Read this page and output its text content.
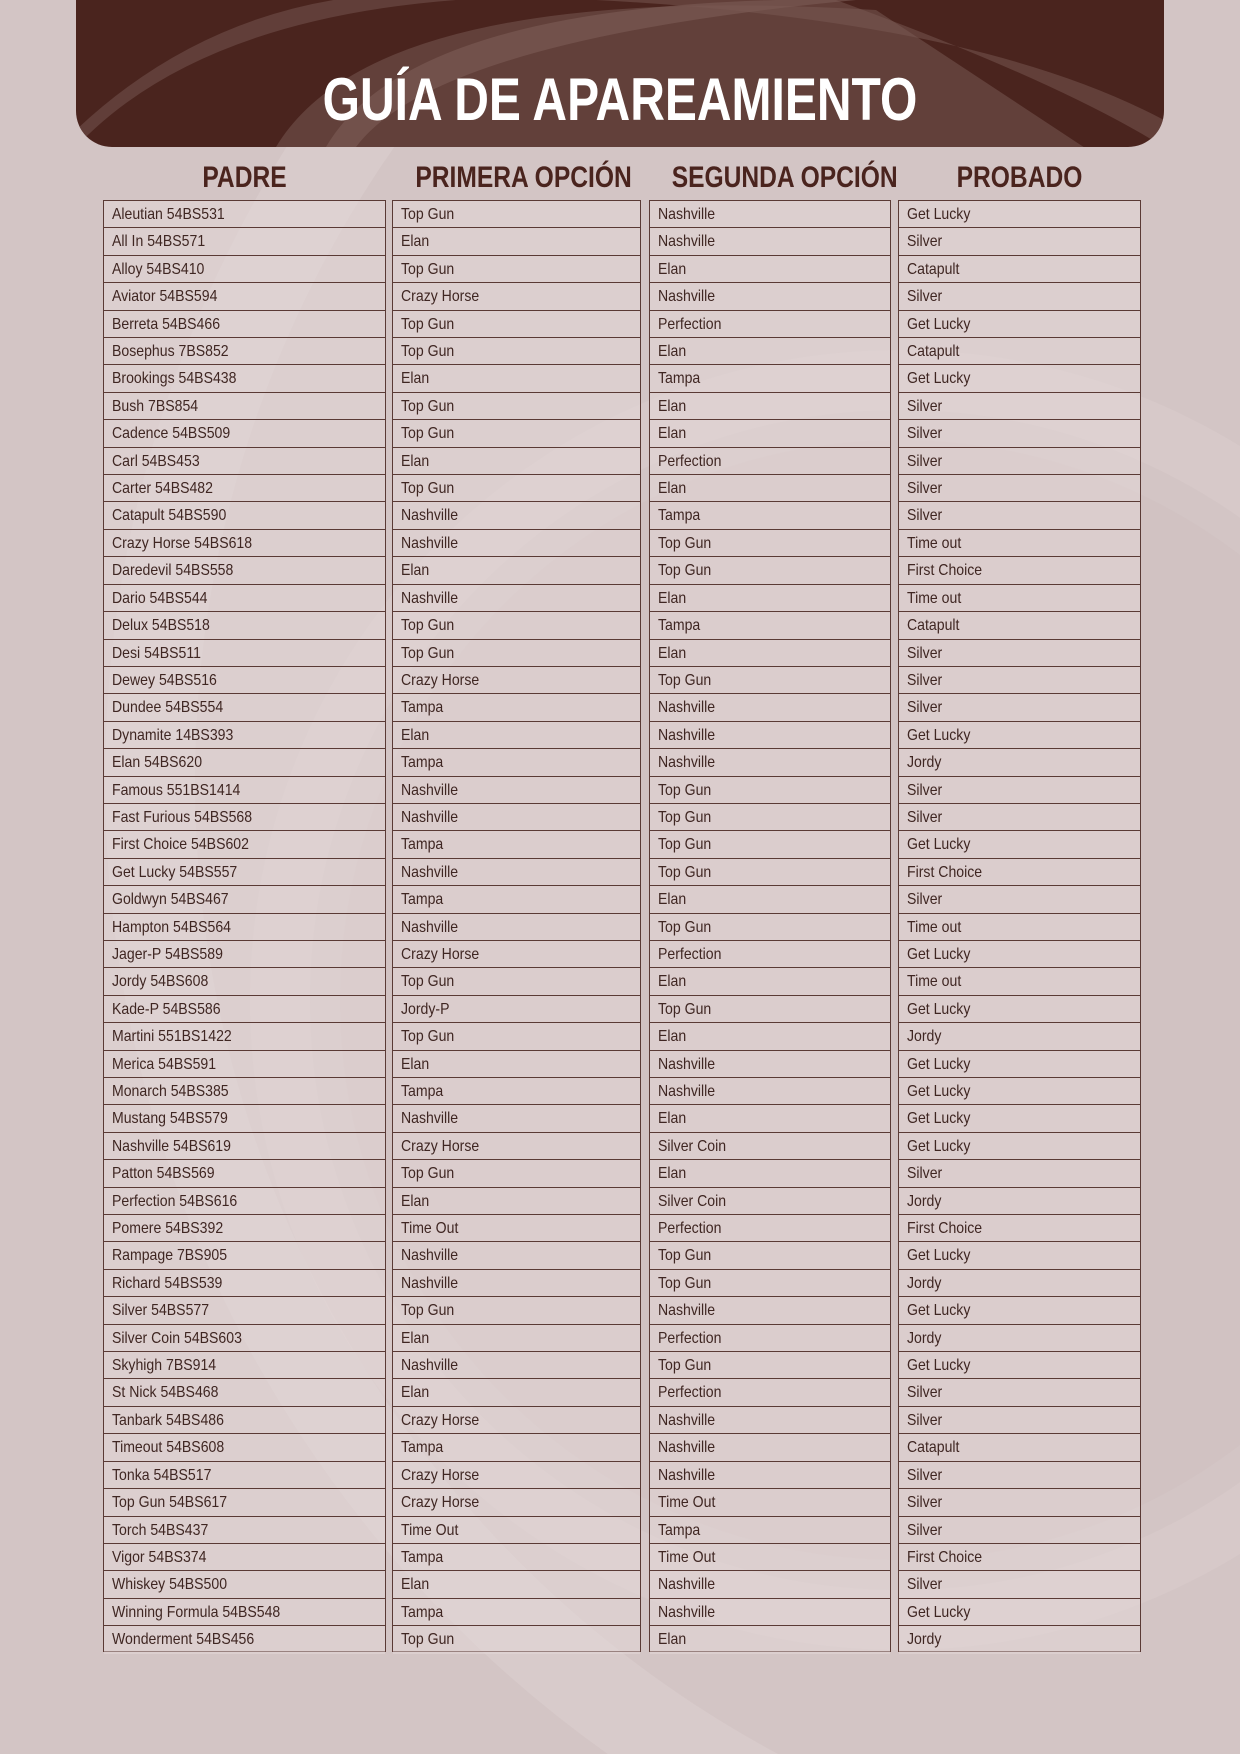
GUÍA DE APAREAMIENTO
PADRE	PRIMERA OPCIÓN SEGUNDA OPCIÓN	PROBADO
Aleutian 54BS531
All In 54BS571
Alloy 54BS410
Aviator 54BS594
Berreta 54BS466
Bosephus 7BS852
Brookings 54BS438
Bush 7BS854
Cadence 54BS509
Carl 54BS453
Carter 54BS482
Catapult 54BS590
Crazy Horse 54BS618
Daredevil 54BS558
Dario 54BS544
Delux 54BS518
Desi 54BS511
Dewey 54BS516
Dundee 54BS554
Dynamite 14BS393
Elan 54BS620
Famous 551BS1414
Fast Furious 54BS568
First Choice 54BS602
Get Lucky 54BS557
Goldwyn 54BS467
Hampton 54BS564
Jager-P 54BS589
Jordy 54BS608
Kade-P 54BS586
Martini 551BS1422
Merica 54BS591
Monarch 54BS385
Mustang 54BS579
Nashville 54BS619
Patton 54BS569
Perfection 54BS616
Pomere 54BS392
Rampage 7BS905
Richard 54BS539
Silver 54BS577
Silver Coin 54BS603
Skyhigh 7BS914
St Nick 54BS468
Tanbark 54BS486
Timeout 54BS608
Tonka 54BS517
Top Gun 54BS617
Torch 54BS437
Vigor 54BS374
Whiskey 54BS500
Winning Formula 54BS548
Wonderment 54BS456
Top Gun
Elan
Top Gun
Crazy Horse
Top Gun
Top Gun
Elan
Top Gun
Top Gun
Elan
Top Gun
Nashville
Nashville
Elan
Nashville
Top Gun
Top Gun
Crazy Horse
Tampa
Elan
Tampa
Nashville
Nashville
Tampa
Nashville
Tampa
Nashville
Crazy Horse
Top Gun
Jordy-P
Top Gun
Elan
Tampa
Nashville
Crazy Horse
Top Gun
Elan
Time Out
Nashville
Nashville
Top Gun
Elan
Nashville
Elan
Crazy Horse
Tampa
Crazy Horse
Crazy Horse
Time Out
Tampa
Elan
Tampa
Top Gun
Nashville
Nashville
Elan
Nashville
Perfection
Elan
Tampa
Elan
Elan
Perfection
Elan
Tampa
Top Gun
Top Gun
Elan
Tampa
Elan
Top Gun
Nashville
Nashville
Nashville
Top Gun
Top Gun
Top Gun
Top Gun
Elan
Top Gun
Perfection
Elan
Top Gun
Elan
Nashville
Nashville
Elan
Silver Coin
Elan
Silver Coin
Perfection
Top Gun
Top Gun
Nashville
Perfection
Top Gun
Perfection
Nashville
Nashville
Nashville
Time Out
Tampa
Time Out
Nashville
Nashville
Elan
Get Lucky
Silver
Catapult
Silver
Get Lucky
Catapult
Get Lucky
Silver
Silver
Silver
Silver
Silver
Time out
First Choice
Time out
Catapult
Silver
Silver
Silver
Get Lucky
Jordy
Silver
Silver
Get Lucky
First Choice
Silver
Time out
Get Lucky
Time out
Get Lucky
Jordy
Get Lucky
Get Lucky
Get Lucky
Get Lucky
Silver
Jordy
First Choice
Get Lucky
Jordy
Get Lucky
Jordy
Get Lucky
Silver
Silver
Catapult
Silver
Silver
Silver
First Choice
Silver
Get Lucky
Jordy
